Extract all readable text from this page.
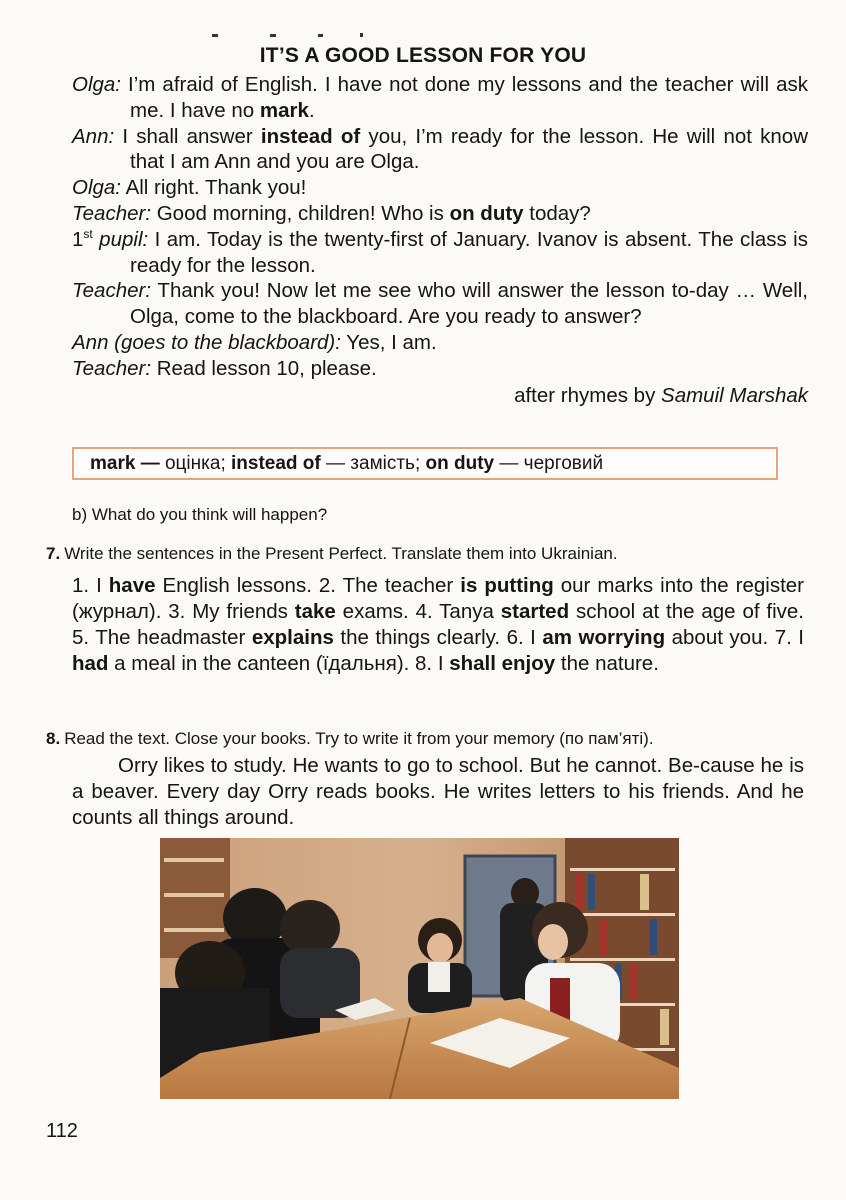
IT’S A GOOD LESSON FOR YOU
Olga: I’m afraid of English. I have not done my lessons and the teacher will ask me. I have no mark.
Ann: I shall answer instead of you, I’m ready for the lesson. He will not know that I am Ann and you are Olga.
Olga: All right. Thank you!
Teacher: Good morning, children! Who is on duty today?
1st pupil: I am. Today is the twenty-first of January. Ivanov is absent. The class is ready for the lesson.
Teacher: Thank you! Now let me see who will answer the lesson to-day … Well, Olga, come to the blackboard. Are you ready to answer?
Ann (goes to the blackboard): Yes, I am.
Teacher: Read lesson 10, please.
after rhymes by Samuil Marshak
mark — оцінка; instead of — замість; on duty — черговий
b) What do you think will happen?
7. Write the sentences in the Present Perfect. Translate them into Ukrainian.
1. I have English lessons. 2. The teacher is putting our marks into the register (журнал). 3. My friends take exams. 4. Tanya started school at the age of five. 5. The headmaster explains the things clearly. 6. I am worrying about you. 7. I had a meal in the canteen (їдальня). 8. I shall enjoy the nature.
8. Read the text. Close your books. Try to write it from your memory (по пам’яті).
Orry likes to study. He wants to go to school. But he cannot. Be-cause he is a beaver. Every day Orry reads books. He writes letters to his friends. And he counts all things around.
112
